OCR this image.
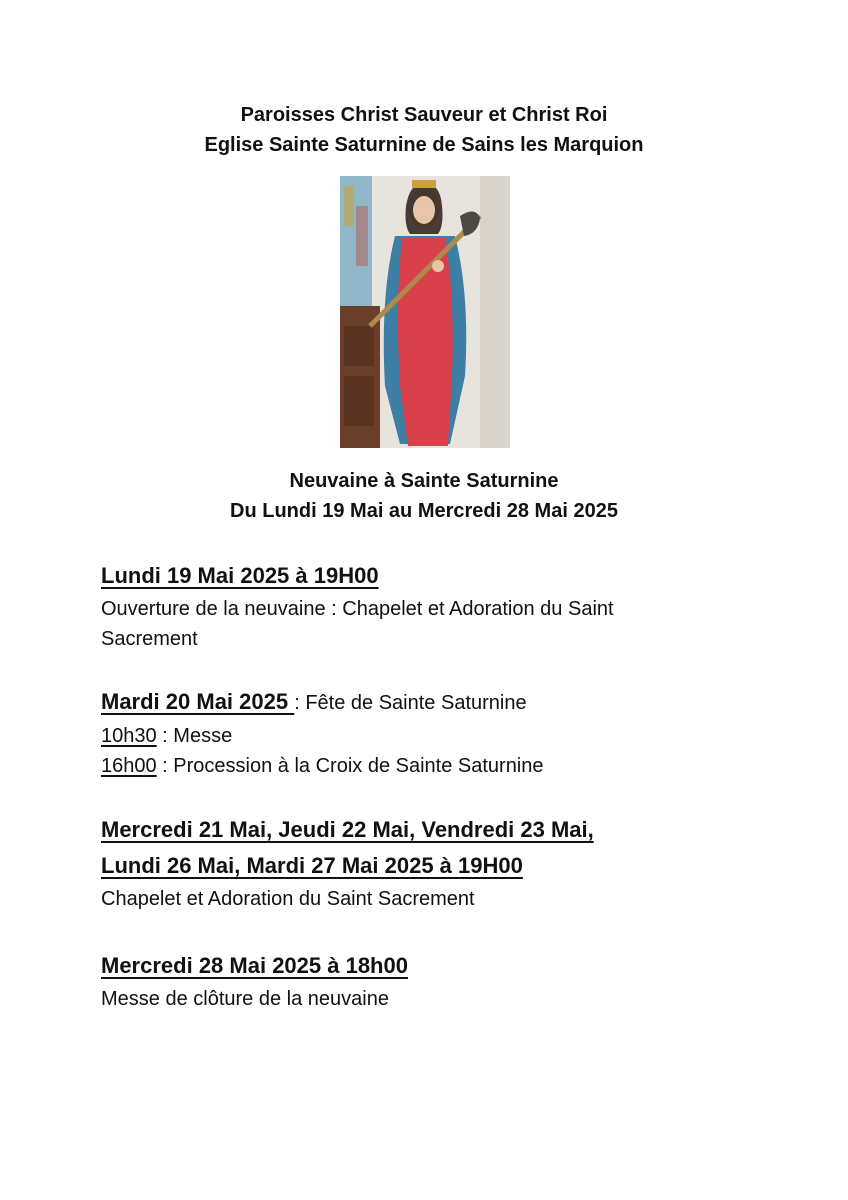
Paroisses Christ Sauveur et Christ Roi
Eglise Sainte Saturnine de Sains les Marquion
Neuvaine à Sainte Saturnine
Du Lundi 19 Mai au Mercredi 28 Mai 2025
Lundi 19 Mai 2025 à 19H00
Ouverture de la neuvaine : Chapelet et Adoration du Saint
Sacrement
Mardi 20 Mai 2025 : Fête de Sainte Saturnine
10h30 : Messe
16h00 : Procession à la Croix de Sainte Saturnine
Mercredi 21 Mai, Jeudi 22 Mai, Vendredi 23 Mai,
Lundi 26 Mai, Mardi 27 Mai 2025 à 19H00
Chapelet et Adoration du Saint Sacrement
Mercredi 28 Mai 2025 à 18h00
Messe de clôture de la neuvaine
